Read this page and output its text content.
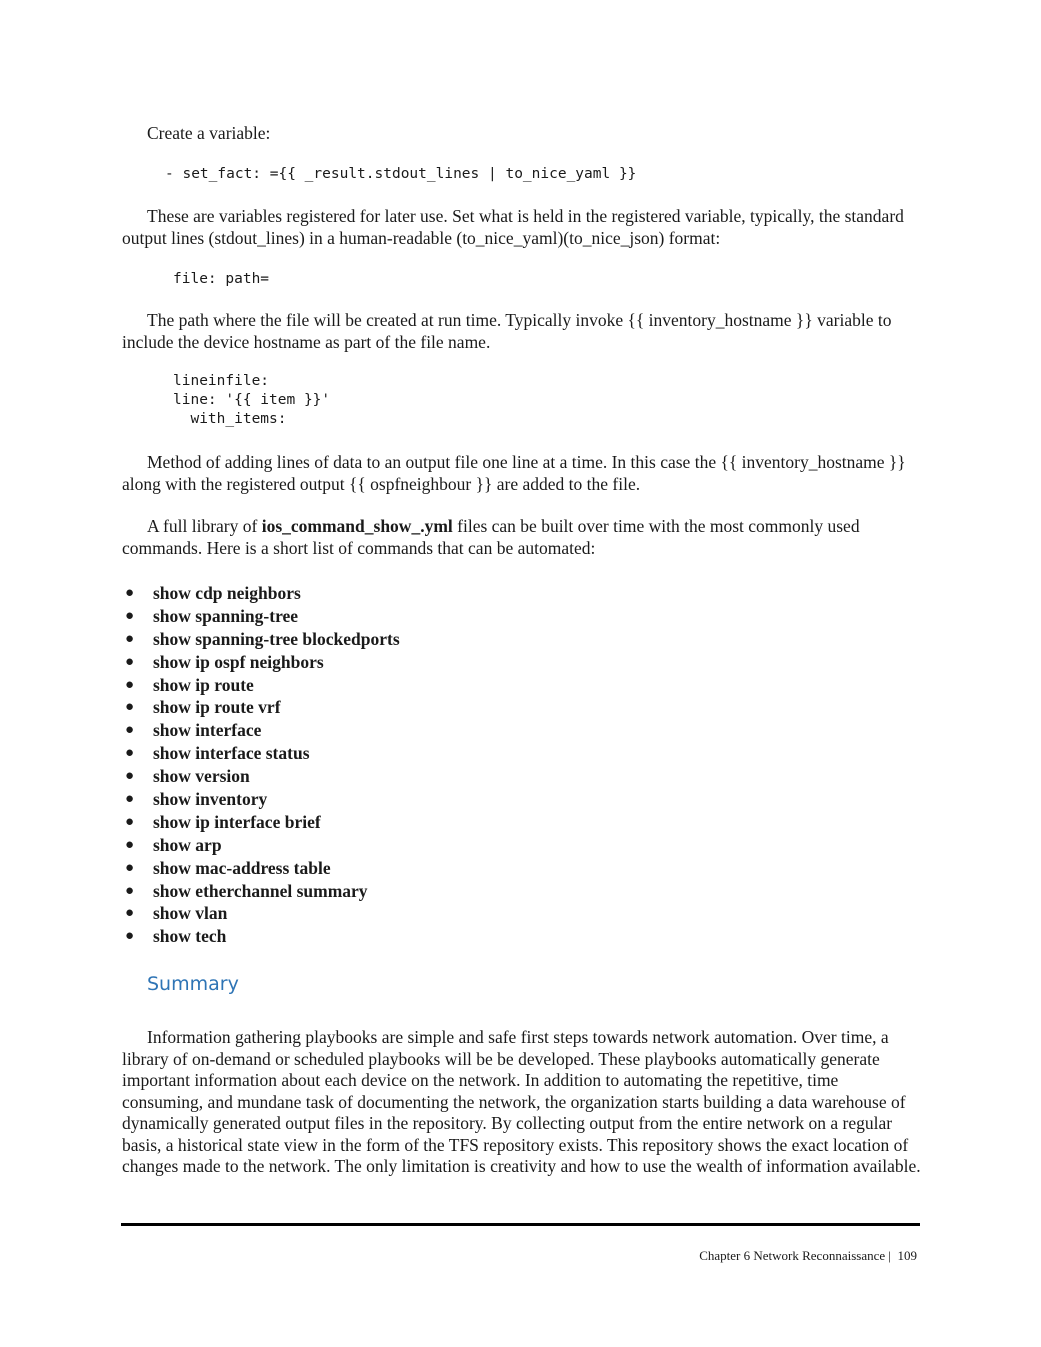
Create a variable:

- set_fact: ={{ _result.stdout_lines | to_nice_yaml }}

These are variables registered for later use. Set what is held in the registered variable, typically, the standard output lines (stdout_lines) in a human-readable (to_nice_yaml)(to_nice_json) format:

file: path=

The path where the file will be created at run time. Typically invoke {{ inventory_hostname }} variable to include the device hostname as part of the file name.

lineinfile:
line: '{{ item }}'
with_items:

Method of adding lines of data to an output file one line at a time. In this case the {{ inventory_hostname }} along with the registered output {{ ospfneighbour }} are added to the file.

A full library of ios_command_show_.yml files can be built over time with the most commonly used commands. Here is a short list of commands that can be automated:

● show cdp neighbors
● show spanning-tree
● show spanning-tree blockedports
● show ip ospf neighbors
● show ip route
● show ip route vrf
● show interface
● show interface status
● show version
● show inventory
● show ip interface brief
● show arp
● show mac-address table
● show etherchannel summary
● show vlan
● show tech
Summary

Information gathering playbooks are simple and safe first steps towards network automation. Over time, a library of on-demand or scheduled playbooks will be be developed. These playbooks automatically generate important information about each device on the network. In addition to automating the repetitive, time consuming, and mundane task of documenting the network, the organization starts building a data warehouse of dynamically generated output files in the repository. By collecting output from the entire network on a regular basis, a historical state view in the form of the TFS repository exists. This repository shows the exact location of changes made to the network. The only limitation is creativity and how to use the wealth of information available.

Chapter 6 Network Reconnaissance | 109
